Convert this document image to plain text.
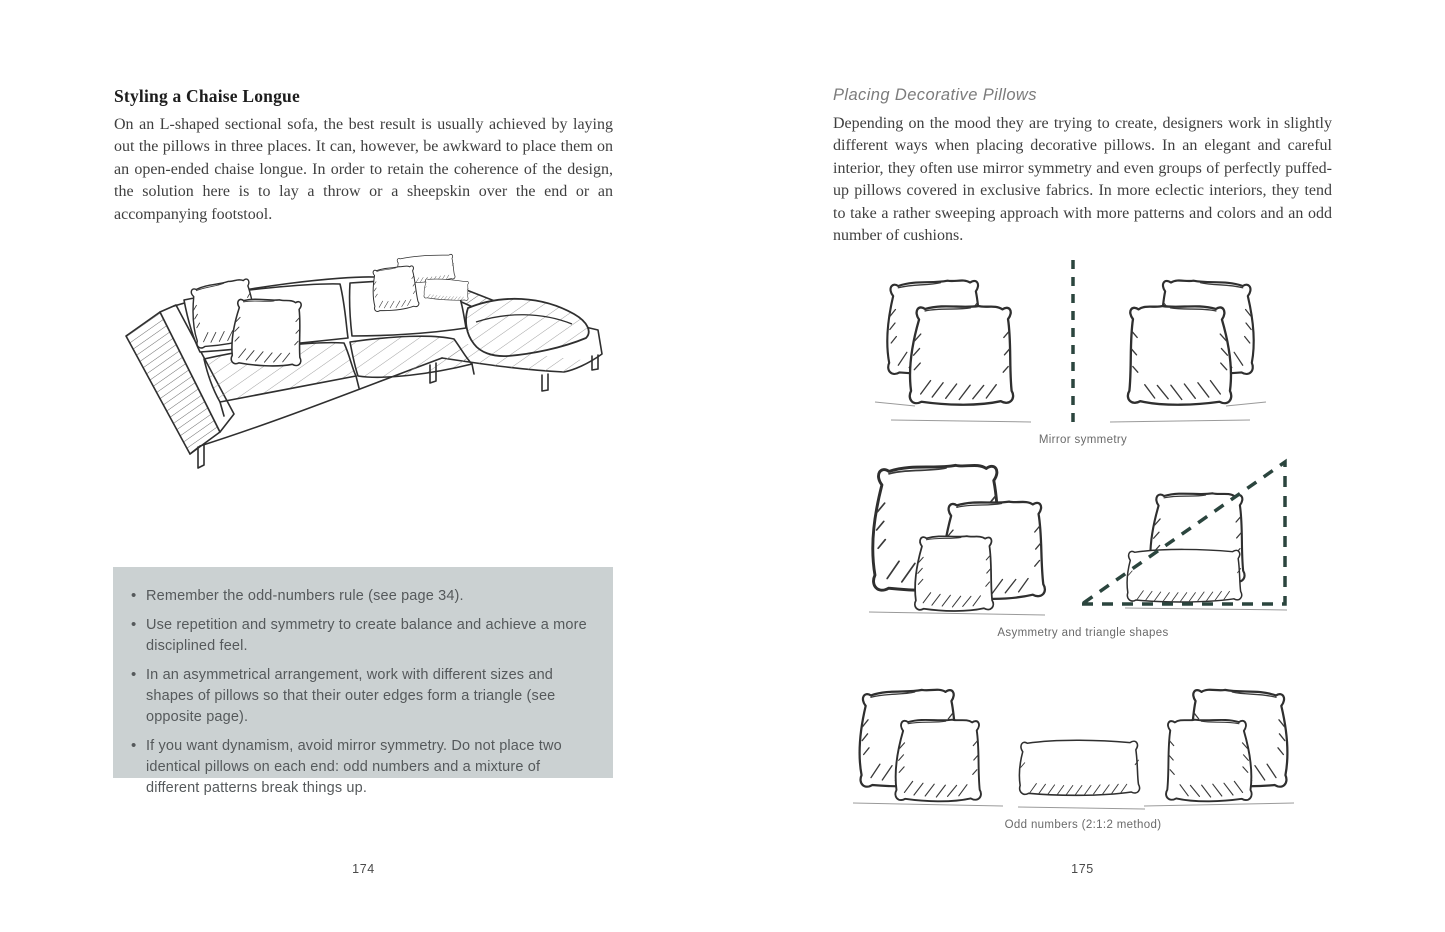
Styling a Chaise Longue

On an L-shaped sectional sofa, the best result is usually achieved by laying out the pillows in three places. It can, however, be awkward to place them on an open-ended chaise longue. In order to retain the coherence of the design, the solution here is to lay a throw or a sheepskin over the end or an accompanying footstool.

• Remember the odd-numbers rule (see page 34).
• Use repetition and symmetry to create balance and achieve a more disciplined feel.
• In an asymmetrical arrangement, work with different sizes and shapes of pillows so that their outer edges form a triangle (see opposite page).
• If you want dynamism, avoid mirror symmetry. Do not place two identical pillows on each end: odd numbers and a mixture of different patterns break things up.
174
Placing Decorative Pillows

Depending on the mood they are trying to create, designers work in slightly different ways when placing decorative pillows. In an elegant and careful interior, they often use mirror symmetry and even groups of perfectly puffed-up pillows covered in exclusive fabrics. In more eclectic interiors, they tend to take a rather sweeping approach with more patterns and colors and an odd number of cushions.

Mirror symmetry
Asymmetry and triangle shapes
Odd numbers (2:1:2 method)
175
